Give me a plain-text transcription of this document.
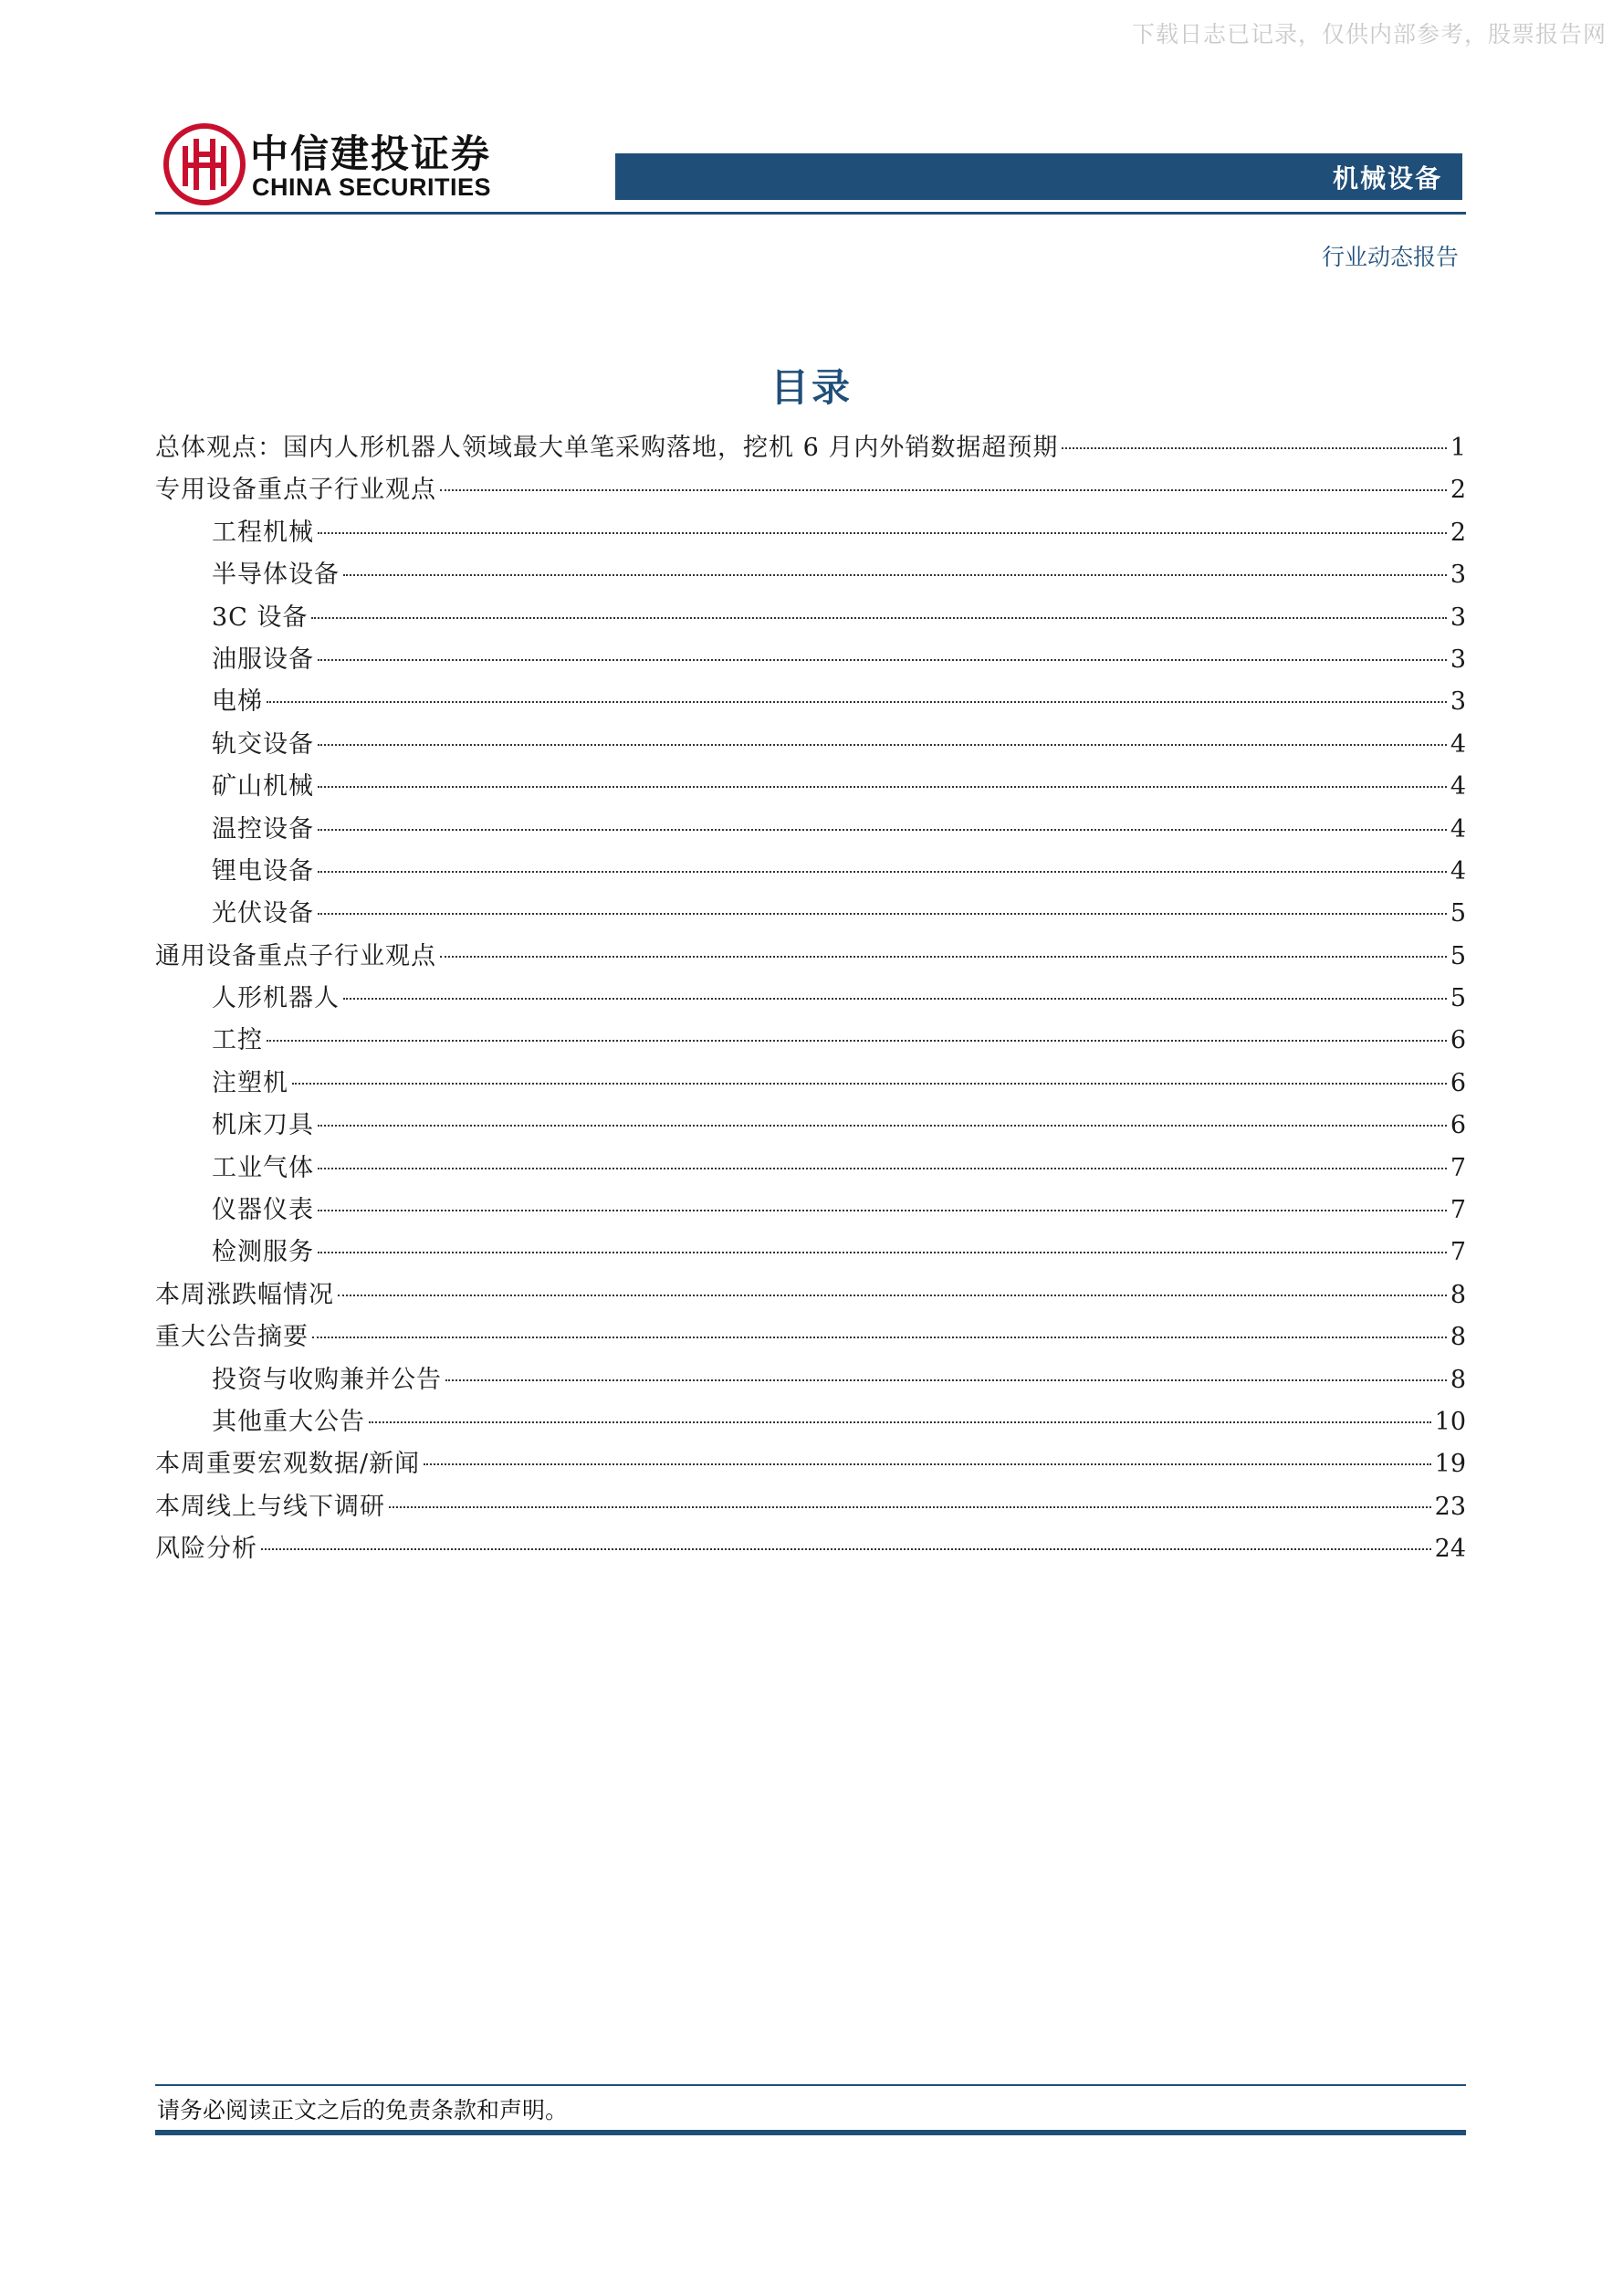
下载日志已记录，仅供内部参考，股票报告网
中信建投证券
CHINA SECURITIES	机械设备
行业动态报告
目录
总体观点：国内人形机器人领域最大单笔采购落地，挖机 6 月内外销数据超预期	1
专用设备重点子行业观点	2
工程机械	2
半导体设备	3
3C 设备	3
油服设备	3
电梯	3
轨交设备	4
矿山机械	4
温控设备	4
锂电设备	4
光伏设备	5
通用设备重点子行业观点	5
人形机器人	5
工控	6
注塑机	6
机床刀具	6
工业气体	7
仪器仪表	7
检测服务	7
本周涨跌幅情况	8
重大公告摘要	8
投资与收购兼并公告	8
其他重大公告	10
本周重要宏观数据/新闻	19
本周线上与线下调研	23
风险分析	24
请务必阅读正文之后的免责条款和声明。
